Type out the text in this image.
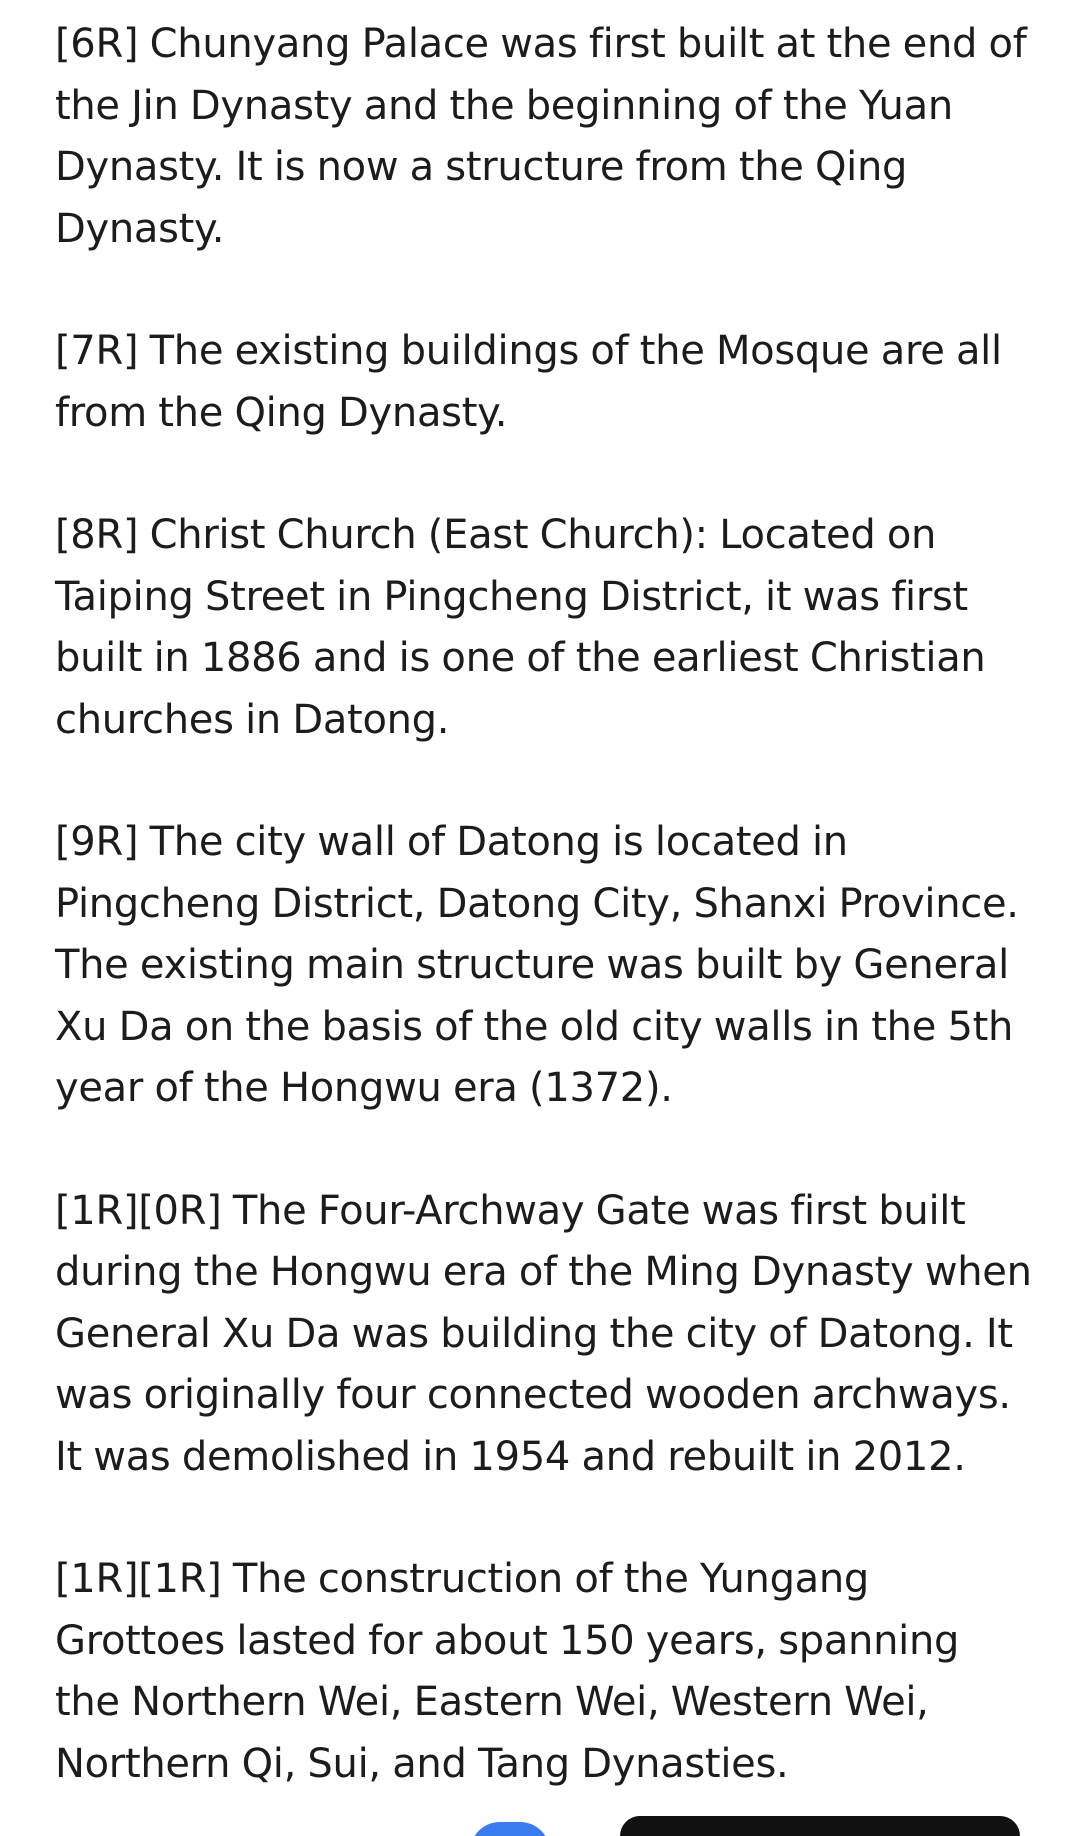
[6R] Chunyang Palace was first built at the end of the Jin Dynasty and the beginning of the Yuan Dynasty. It is now a structure from the Qing Dynasty.

[7R] The existing buildings of the Mosque are all from the Qing Dynasty.

[8R] Christ Church (East Church): Located on Taiping Street in Pingcheng District, it was first built in 1886 and is one of the earliest Christian churches in Datong.

[9R] The city wall of Datong is located in Pingcheng District, Datong City, Shanxi Province. The existing main structure was built by General Xu Da on the basis of the old city walls in the 5th year of the Hongwu era (1372).

[1R][0R] The Four-Archway Gate was first built during the Hongwu era of the Ming Dynasty when General Xu Da was building the city of Datong. It was originally four connected wooden archways. It was demolished in 1954 and rebuilt in 2012.

[1R][1R] The construction of the Yungang Grottoes lasted for about 150 years, spanning the Northern Wei, Eastern Wei, Western Wei, Northern Qi, Sui, and Tang Dynasties.
